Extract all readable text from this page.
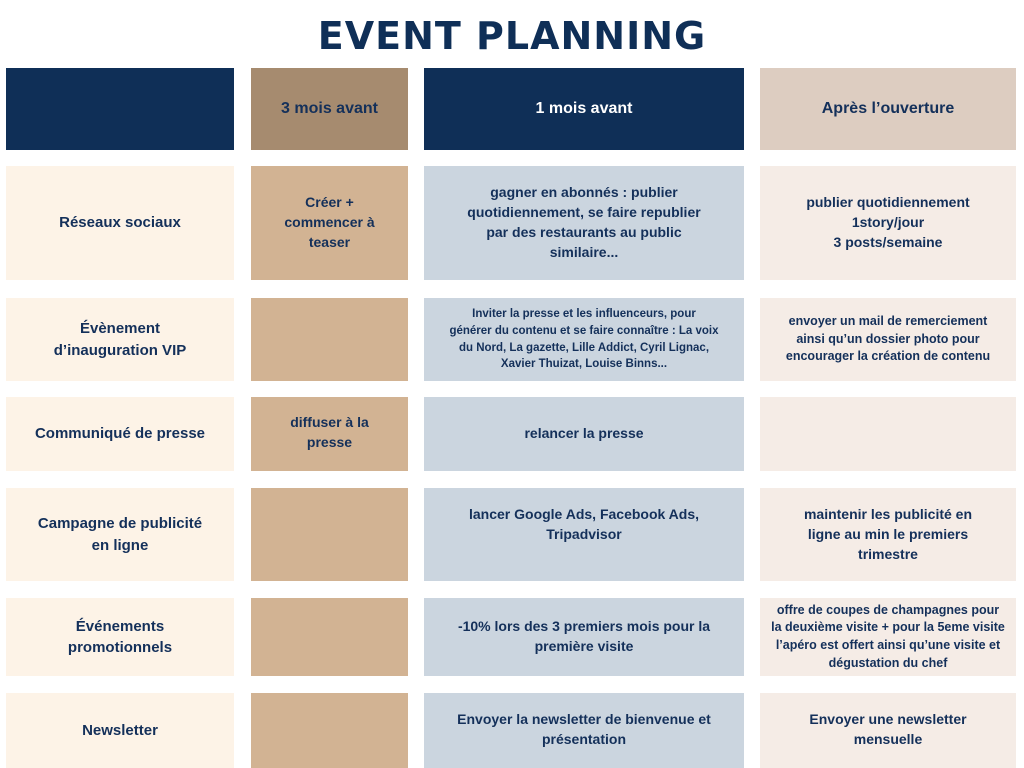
EVENT PLANNING
3 mois avant	1 mois avant	Après l’ouverture
Réseaux sociaux
Créer +
commencer à
teaser
gagner en abonnés : publier
quotidiennement, se faire republier
par des restaurants au public
similaire...
publier quotidiennement
1story/jour
3 posts/semaine
Évènement
d’inauguration VIP
Inviter la presse et les influenceurs, pour
générer du contenu et se faire connaître : La voix
du Nord, La gazette, Lille Addict, Cyril Lignac,
Xavier Thuizat, Louise Binns...
envoyer un mail de remerciement
ainsi qu’un dossier photo pour
encourager la création de contenu
Communiqué de presse
diffuser à la
presse
relancer la presse
Campagne de publicité
en ligne
lancer Google Ads, Facebook Ads,
Tripadvisor
maintenir les publicité en
ligne au min le premiers
trimestre
Événements
promotionnels
-10% lors des 3 premiers mois pour la
première visite
offre de coupes de champagnes pour
la deuxième visite + pour la 5eme visite
l’apéro est offert ainsi qu’une visite et
dégustation du chef
Newsletter
Envoyer la newsletter de bienvenue et
présentation
Envoyer une newsletter
mensuelle
